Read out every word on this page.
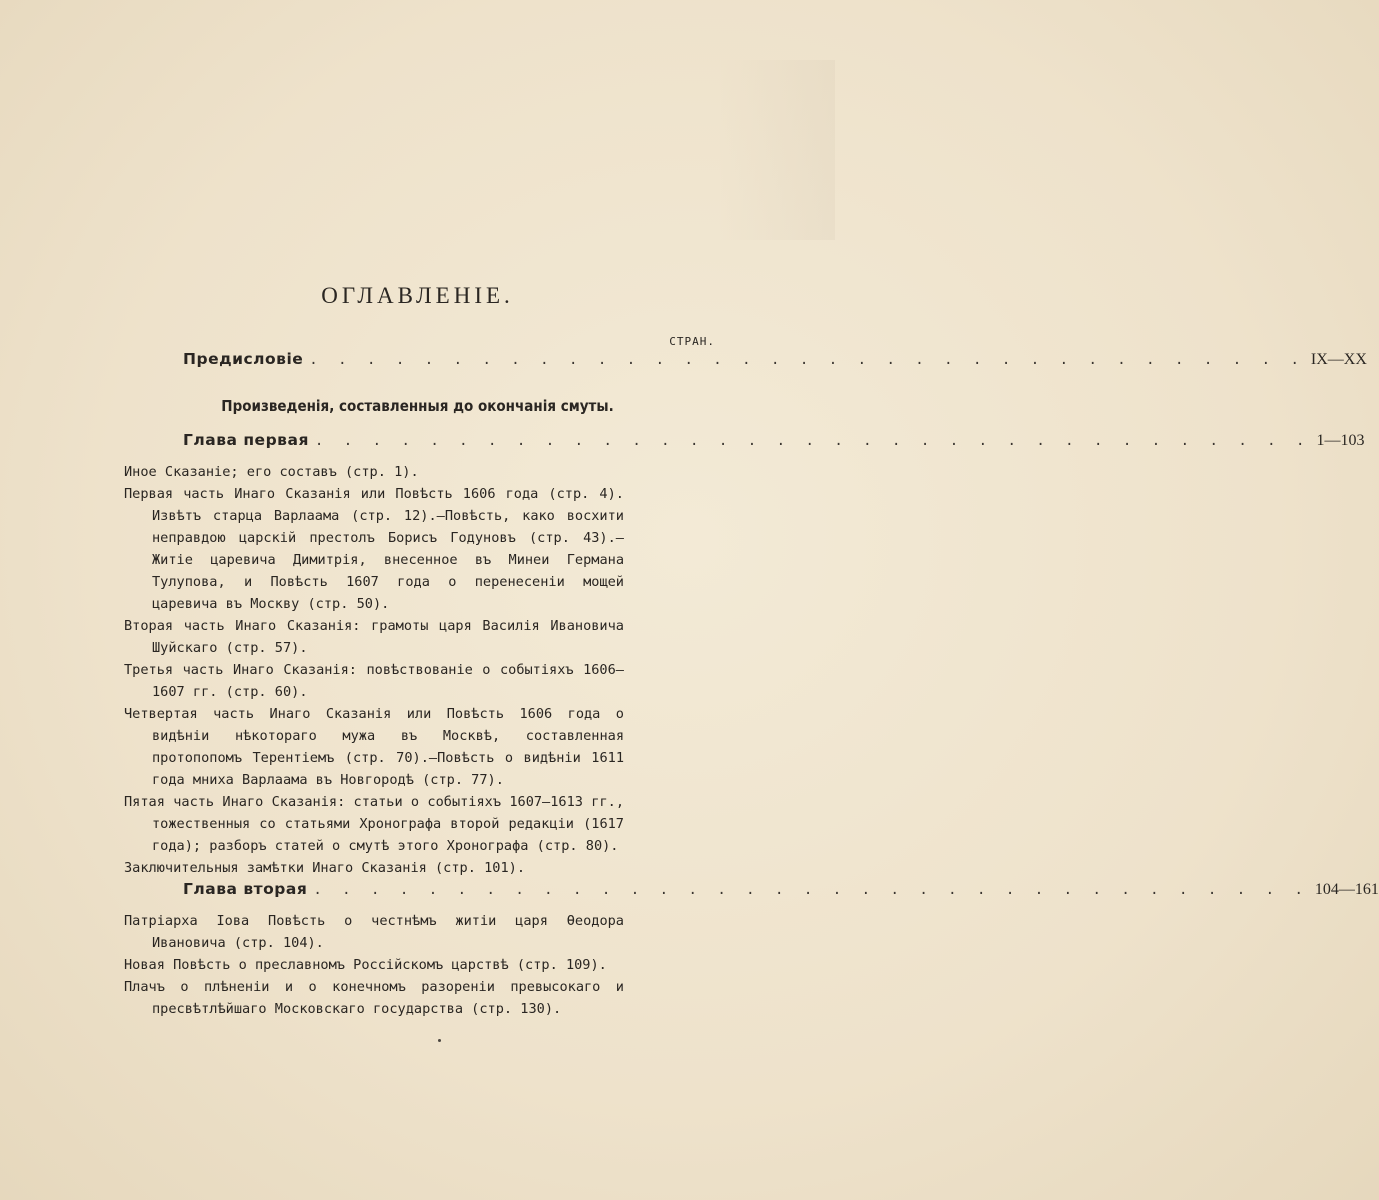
ОГЛАВЛЕНІЕ.
СТРАН.
Предисловіе . . . . . . . . . . . . . . . . . . . . . . . . . . . . . . . . . . . IX—XX
Произведенія, составленныя до окончанія смуты.
Глава первая . . . . . . . . . . . . . . . . . . . . . . . . . . . . . . . . . . . 1—103

Иное Сказаніе; его составъ (стр. 1).

Первая часть Инаго Сказанія или Повѣсть 1606 года (стр. 4). Извѣтъ старца Варлаама (стр. 12).—Повѣсть, како восхити неправдою царскій престолъ Борисъ Годуновъ (стр. 43).—Житіе царевича Димитрія, внесенное въ Минеи Германа Тулупова, и Повѣсть 1607 года о перенесеніи мощей царевича въ Москву (стр. 50).

Вторая часть Инаго Сказанія: грамоты царя Василія Ивановича Шуйскаго (стр. 57).

Третья часть Инаго Сказанія: повѣствованіе о событіяхъ 1606—1607 гг. (стр. 60).

Четвертая часть Инаго Сказанія или Повѣсть 1606 года о видѣніи нѣкотораго мужа въ Москвѣ, составленная протопопомъ Терентіемъ (стр. 70).—Повѣсть о видѣніи 1611 года мниха Варлаама въ Новгородѣ (стр. 77).

Пятая часть Инаго Сказанія: статьи о событіяхъ 1607—1613 гг., тожественныя со статьями Хронографа второй редакціи (1617 года); разборъ статей о смутѣ этого Хронографа (стр. 80).

Заключительныя замѣтки Инаго Сказанія (стр. 101).

Глава вторая . . . . . . . . . . . . . . . . . . . . . . . . . . . . . . . . . . . 104—161

Патріарха Іова Повѣсть о честнѣмъ житіи царя Ѳеодора Ивановича (стр. 104).

Новая Повѣсть о преславномъ Россійскомъ царствѣ (стр. 109).

Плачъ о плѣненіи и о конечномъ разореніи превысокаго и пресвѣтлѣйшаго Московскаго государства (стр. 130).
